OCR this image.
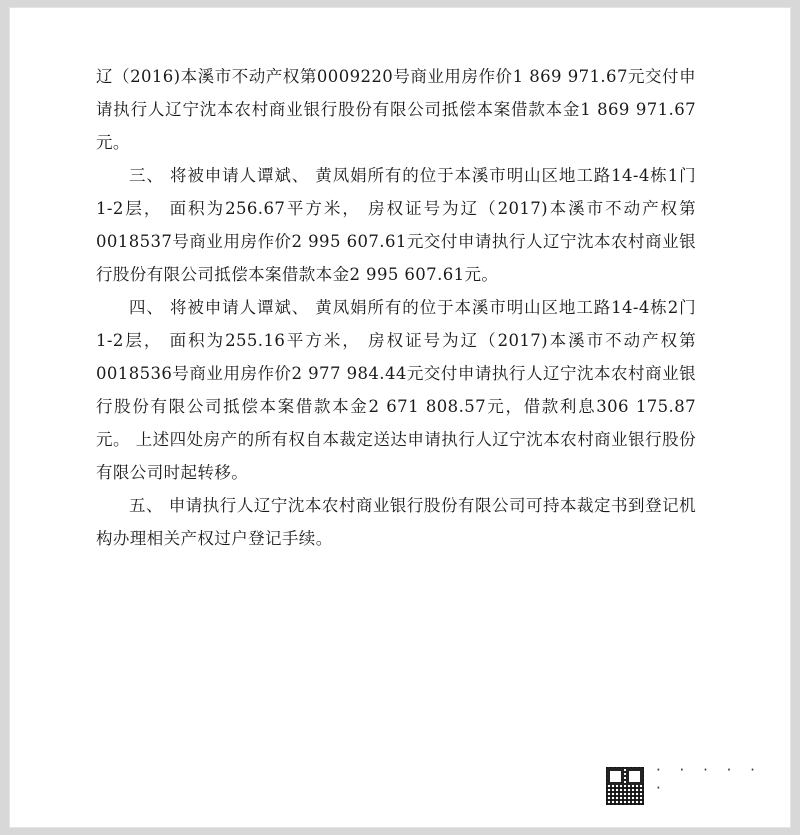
辽（2016)本溪市不动产权第0009220号商业用房作价1 869 971.67元交付申请执行人辽宁沈本农村商业银行股份有限公司抵偿本案借款本金1 869 971.67元。

三、 将被申请人谭斌、 黄凤娟所有的位于本溪市明山区地工路14-4栋1门1-2层， 面积为256.67平方米， 房权证号为辽（2017)本溪市不动产权第0018537号商业用房作价2 995 607.61元交付申请执行人辽宁沈本农村商业银行股份有限公司抵偿本案借款本金2 995 607.61元。

四、 将被申请人谭斌、 黄凤娟所有的位于本溪市明山区地工路14-4栋2门1-2层， 面积为255.16平方米， 房权证号为辽（2017)本溪市不动产权第0018536号商业用房作价2 977 984.44元交付申请执行人辽宁沈本农村商业银行股份有限公司抵偿本案借款本金2 671 808.57元，借款利息306 175.87元。 上述四处房产的所有权自本裁定送达申请执行人辽宁沈本农村商业银行股份有限公司时起转移。

五、 申请执行人辽宁沈本农村商业银行股份有限公司可持本裁定书到登记机构办理相关产权过户登记手续。

· · · · · ·
